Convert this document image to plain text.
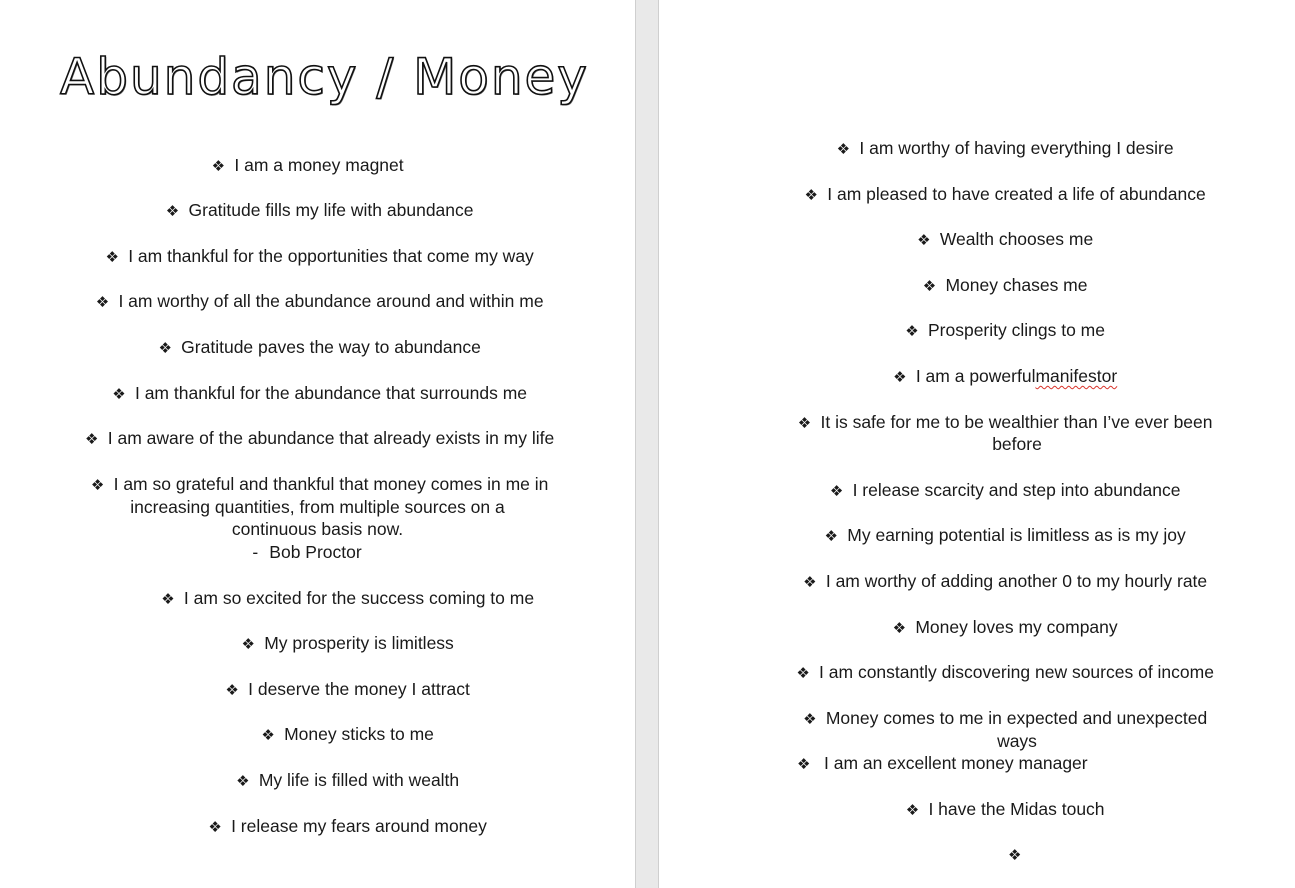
Abundancy / Money
❖ I am a money magnet
❖ Gratitude fills my life with abundance
❖ I am thankful for the opportunities that come my way
❖ I am worthy of all the abundance around and within me
❖ Gratitude paves the way to abundance
❖ I am thankful for the abundance that surrounds me
❖ I am aware of the abundance that already exists in my life
❖ I am so grateful and thankful that money comes in me in
increasing quantities, from multiple sources on a
continuous basis now.
- Bob Proctor
❖ I am so excited for the success coming to me
❖ My prosperity is limitless
❖ I deserve the money I attract
❖ Money sticks to me
❖ My life is filled with wealth
❖ I release my fears around money
❖ I am worthy of having everything I desire
❖ I am pleased to have created a life of abundance
❖ Wealth chooses me
❖ Money chases me
❖ Prosperity clings to me
❖ I am a powerfulmanifestor
❖ It is safe for me to be wealthier than I’ve ever been
before
❖ I release scarcity and step into abundance
❖ My earning potential is limitless as is my joy
❖ I am worthy of adding another 0 to my hourly rate
❖ Money loves my company
❖ I am constantly discovering new sources of income
❖ Money comes to me in expected and unexpected
ways
❖ I am an excellent money manager
❖ I have the Midas touch
❖
